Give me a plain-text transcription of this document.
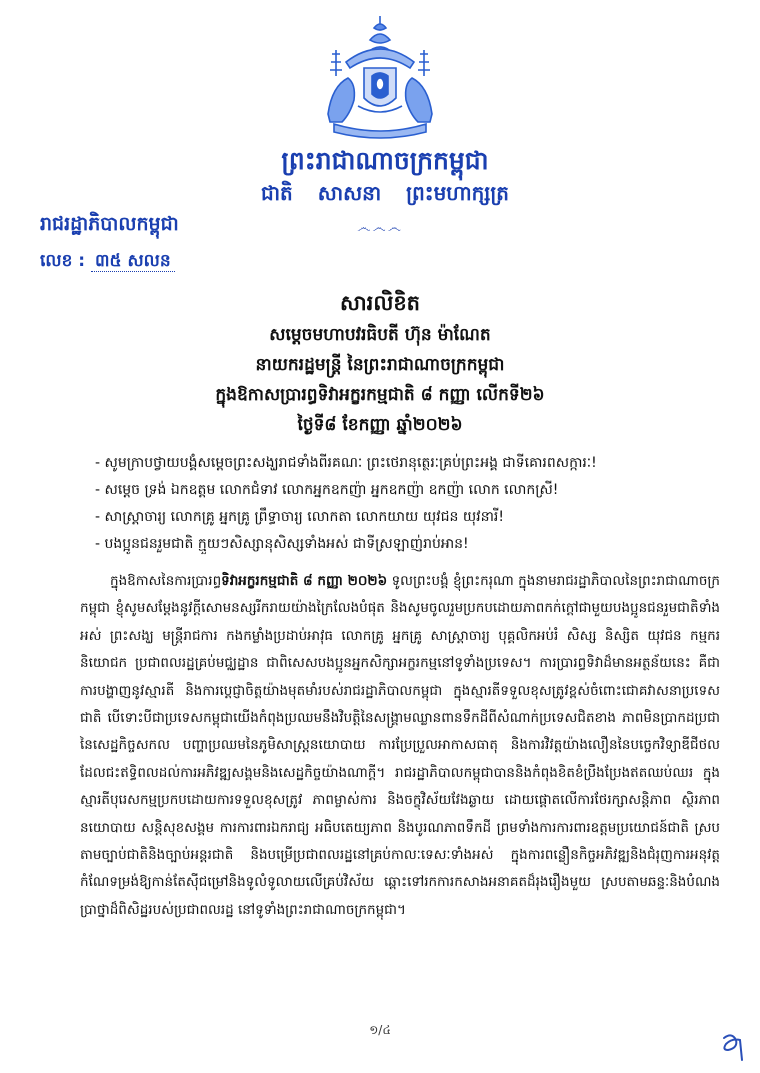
ព្រះរាជាណាចក្រកម្ពុជា
ជាតិ សាសនា ព្រះមហាក្សត្រ
෴෴෴
រាជរដ្ឋាភិបាលកម្ពុជា
លេខ : ៣៥ សលន
សារលិខិត
សម្តេចមហាបវរធិបតី ហ៊ុន ម៉ាណែត
នាយករដ្ឋមន្ត្រី នៃព្រះរាជាណាចក្រកម្ពុជា
ក្នុងឱកាសប្រារព្ធទិវាអក្ខរកម្មជាតិ ៨ កញ្ញា លើកទី២៦
ថ្ងៃទី៨ ខែកញ្ញា ឆ្នាំ២០២៦
- សូមក្រាបថ្វាយបង្គំសម្តេចព្រះសង្ឃរាជទាំងពីរគណៈ ព្រះថេរានុត្ថេរៈគ្រប់ព្រះអង្គ ជាទីគោរពសក្ការៈ!
- សម្តេច ទ្រង់ ឯកឧត្តម លោកជំទាវ លោកអ្នកឧកញ៉ា អ្នកឧកញ៉ា ឧកញ៉ា លោក លោកស្រី!
- សាស្ត្រាចារ្យ លោកគ្រូ អ្នកគ្រូ ព្រឹទ្ធាចារ្យ លោកតា លោកយាយ យុវជន យុវនារី!
- បងប្អូនជនរួមជាតិ ក្មួយៗសិស្សានុសិស្សទាំងអស់ ជាទីស្រឡាញ់រាប់អាន!

ក្នុងឱកាសនៃការប្រារព្ធទិវាអក្ខរកម្មជាតិ ៨ កញ្ញា ២០២៦ ទូលព្រះបង្គំ ខ្ញុំព្រះករុណា ក្នុងនាមរាជរដ្ឋាភិបាលនៃព្រះរាជាណាចក្រកម្ពុជា ខ្ញុំសូមសម្តែងនូវក្តីសោមនស្សរីករាយយ៉ាងក្រៃលែងបំផុត និងសូមចូលរួមប្រកបដោយភាពកក់ក្តៅជាមួយបងប្អូនជនរួមជាតិទាំងអស់ ព្រះសង្ឃ មន្ត្រីរាជការ កងកម្លាំងប្រដាប់អាវុធ លោកគ្រូ អ្នកគ្រូ សាស្ត្រាចារ្យ បុគ្គលិកអប់រំ សិស្ស និស្សិត យុវជន កម្មករ និយោជក ប្រជាពលរដ្ឋគ្រប់មជ្ឈដ្ឋាន ជាពិសេសបងប្អូនអ្នកសិក្សាអក្ខរកម្មនៅទូទាំងប្រទេស។ ការប្រារព្ធទិវាដ៏មានអត្ថន័យនេះ គឺជាការបង្ហាញនូវស្មារតី និងការប្តេជ្ញាចិត្តយ៉ាងមុតមាំរបស់រាជរដ្ឋាភិបាលកម្ពុជា ក្នុងស្មារតីទទួលខុសត្រូវខ្ពស់ចំពោះជោគវាសនាប្រទេសជាតិ បើទោះបីជាប្រទេសកម្ពុជាយើងកំពុងប្រឈមនឹងវិបត្តិនៃសង្គ្រាមឈ្លានពានទឹកដីពីសំណាក់ប្រទេសជិតខាង ភាពមិនប្រាកដប្រជានៃសេដ្ឋកិច្ចសកល បញ្ហាប្រឈមនៃភូមិសាស្ត្រនយោបាយ ការប្រែប្រួលអាកាសធាតុ និងការវិវត្តយ៉ាងលឿននៃបច្ចេកវិទ្យាឌីជីថល ដែលជះឥទ្ធិពលដល់ការអភិវឌ្ឍសង្គមនិងសេដ្ឋកិច្ចយ៉ាងណាក្តី។ រាជរដ្ឋាភិបាលកម្ពុជាបាននិងកំពុងខិតខំប្រឹងប្រែងឥតឈប់ឈរ ក្នុងស្មារតីបុរេសកម្មប្រកបដោយការទទួលខុសត្រូវ ភាពម្ចាស់ការ និងចក្ខុវិស័យវែងឆ្ងាយ ដោយផ្តោតលើការថែរក្សាសន្តិភាព ស្ថិរភាពនយោបាយ សន្តិសុខសង្គម ការការពារឯករាជ្យ អធិបតេយ្យភាព និងបូរណភាពទឹកដី ព្រមទាំងការការពារឧត្តមប្រយោជន៍ជាតិ ស្របតាមច្បាប់ជាតិនិងច្បាប់អន្តរជាតិ និងបម្រើប្រជាពលរដ្ឋនៅគ្រប់កាលៈទេសៈទាំងអស់ ក្នុងការពន្លឿនកិច្ចអភិវឌ្ឍនិងជំរុញការអនុវត្តកំណែទម្រង់ឱ្យកាន់តែស៊ីជម្រៅនិងទូលំទូលាយលើគ្រប់វិស័យ ឆ្ពោះទៅរកការកសាងអនាគតដ៏រុងរឿងមួយ ស្របតាមឆន្ទៈនិងបំណងប្រាថ្នាដ៏ពិសិដ្ឋរបស់ប្រជាពលរដ្ឋ នៅទូទាំងព្រះរាជាណាចក្រកម្ពុជា។

១/៤
